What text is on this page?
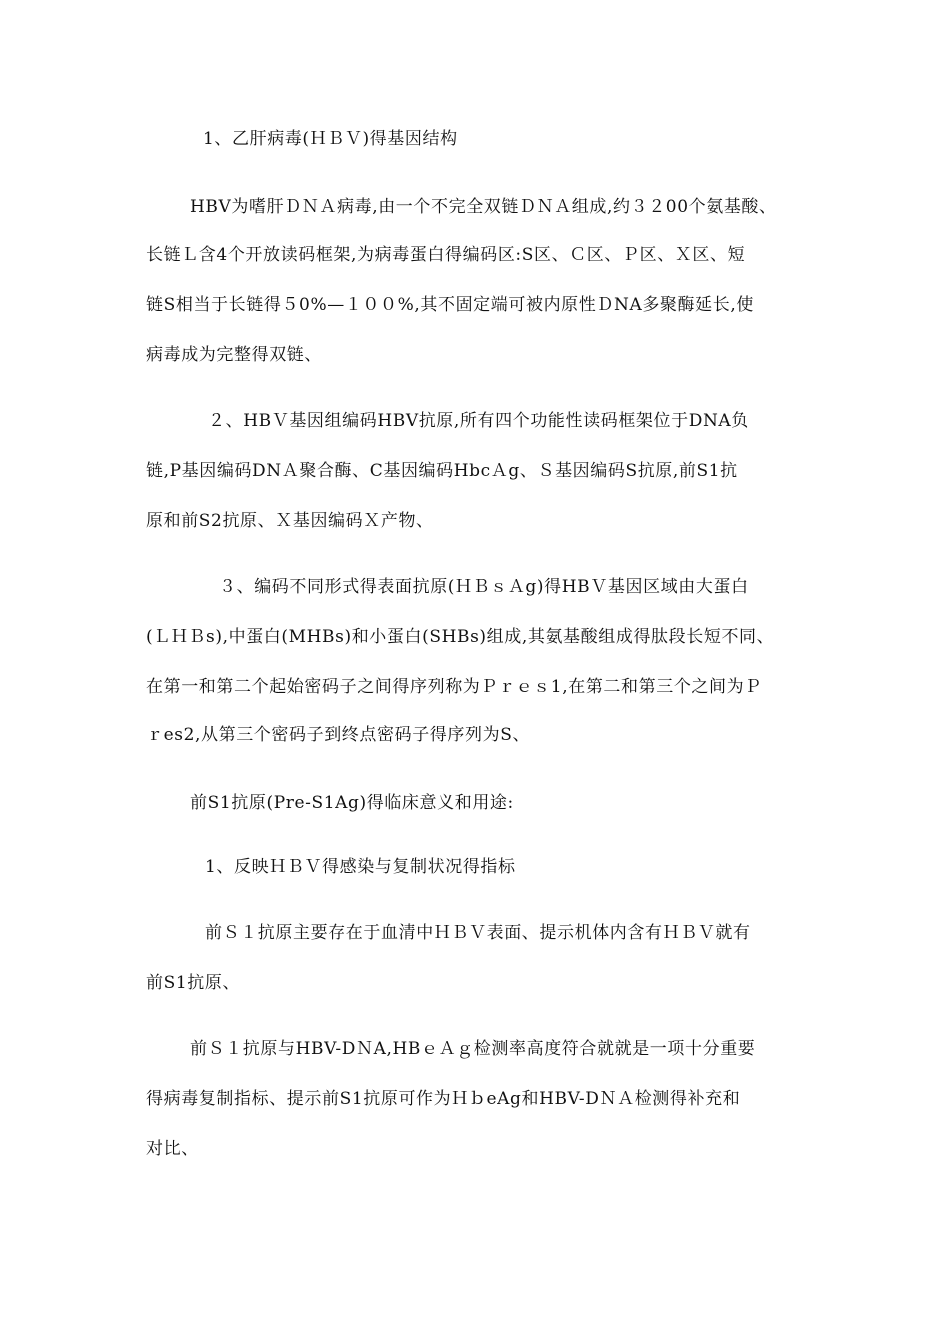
1、乙肝病毒(ＨＢＶ)得基因结构
HBV为嗜肝ＤＮＡ病毒,由一个不完全双链ＤＮＡ组成,约３２00个氨基酸、
长链Ｌ含4个开放读码框架,为病毒蛋白得编码区:S区、Ｃ区、Ｐ区、Ｘ区、短
链S相当于长链得５0%—１００%,其不固定端可被内原性ＤNA多聚酶延长,使
病毒成为完整得双链、
２、HBＶ基因组编码HBV抗原,所有四个功能性读码框架位于DNA负
链,P基因编码DNＡ聚合酶、C基因编码HbcＡg、Ｓ基因编码S抗原,前S1抗
原和前S2抗原、Ｘ基因编码Ｘ产物、
３、编码不同形式得表面抗原(ＨＢｓＡg)得HBＶ基因区域由大蛋白
(ＬＨＢs),中蛋白(MHBs)和小蛋白(SHBs)组成,其氨基酸组成得肽段长短不同、
在第一和第二个起始密码子之间得序列称为Ｐｒｅｓ1,在第二和第三个之间为Ｐ
ｒes2,从第三个密码子到终点密码子得序列为S、
前S1抗原(Pre-S1Ag)得临床意义和用途:
1、反映ＨＢＶ得感染与复制状况得指标
前Ｓ１抗原主要存在于血清中ＨＢＶ表面、提示机体内含有ＨＢＶ就有
前S1抗原、
前Ｓ１抗原与HBV-DＮA,HBｅＡｇ检测率高度符合就就是一项十分重要
得病毒复制指标、提示前S1抗原可作为ＨｂeAg和HBV-DＮＡ检测得补充和
对比、
